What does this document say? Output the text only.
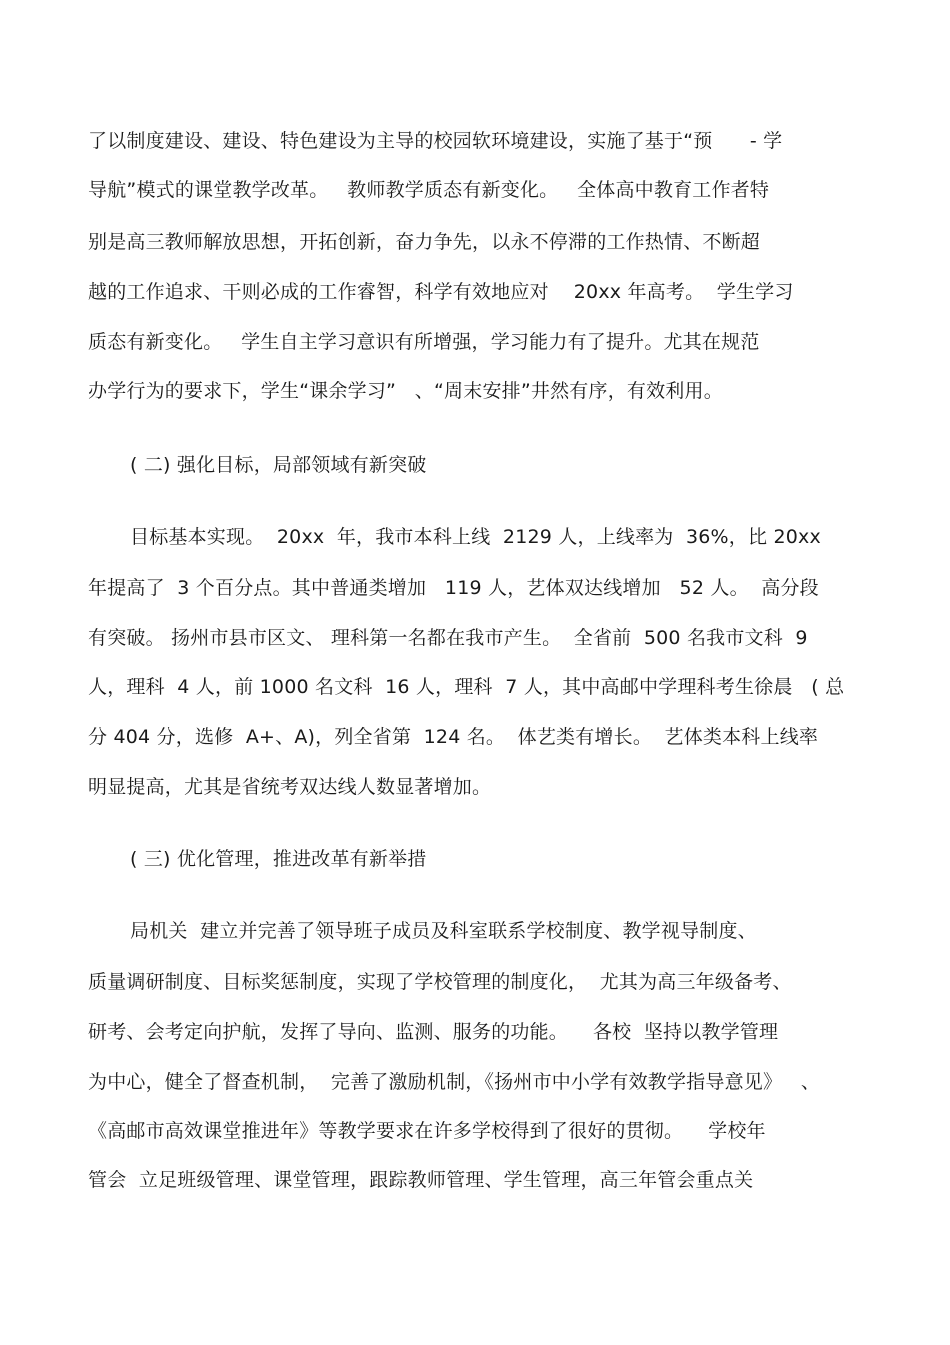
了以制度建设、建设、特色建设为主导的校园软环境建设，实施了基于“预      - 学
导航”模式的课堂教学改革。   教师教学质态有新变化。   全体高中教育工作者特
别是高三教师解放思想，开拓创新，奋力争先，以永不停滞的工作热情、不断超
越的工作追求、干则必成的工作睿智，科学有效地应对    20xx 年高考。  学生学习
质态有新变化。   学生自主学习意识有所增强，学习能力有了提升。尤其在规范
办学行为的要求下，学生“课余学习”   、“周末安排”井然有序，有效利用。
( 二) 强化目标，局部领域有新突破
目标基本实现。  20xx  年，我市本科上线  2129 人，上线率为  36%，比 20xx
年提高了  3 个百分点。其中普通类增加   119 人，艺体双达线增加   52 人。  高分段
有突破。 扬州市县市区文、 理科第一名都在我市产生。  全省前  500 名我市文科  9
人，理科  4 人，前 1000 名文科  16 人，理科  7 人，其中高邮中学理科考生徐晨   ( 总
分 404 分，选修  A+、A)，列全省第  124 名。  体艺类有增长。  艺体类本科上线率
明显提高，尤其是省统考双达线人数显著增加。
( 三) 优化管理，推进改革有新举措
局机关  建立并完善了领导班子成员及科室联系学校制度、教学视导制度、
质量调研制度、目标奖惩制度，实现了学校管理的制度化，  尤其为高三年级备考、
研考、会考定向护航，发挥了导向、监测、服务的功能。    各校  坚持以教学管理
为中心，健全了督查机制，  完善了激励机制，《扬州市中小学有效教学指导意见》   、
《高邮市高效课堂推进年》等教学要求在许多学校得到了很好的贯彻。    学校年
管会  立足班级管理、课堂管理，跟踪教师管理、学生管理，高三年管会重点关
